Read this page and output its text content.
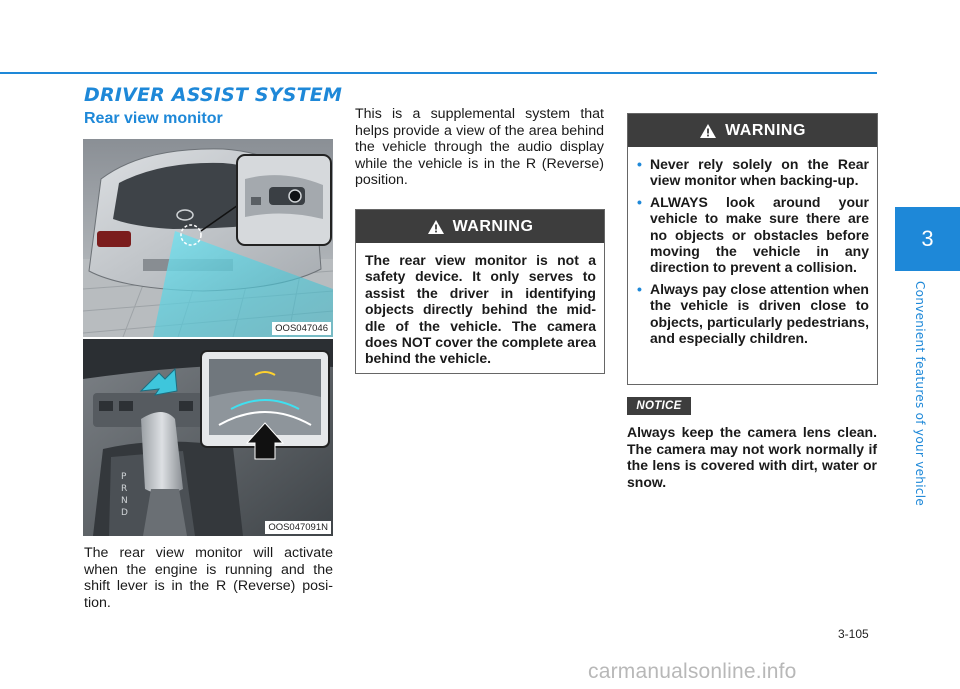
DRIVER ASSIST SYSTEM
Rear view monitor
OOS047046
P
R
N
D
OOS047091N

The rear view monitor will activate when the engine is running and the shift lever is in the R (Reverse) posi-tion.

This is a supplemental system that helps provide a view of the area behind the vehicle through the audio display while the vehicle is in the R (Reverse) position.

WARNING
The rear view monitor is not a safety device. It only serves to assist the driver in identifying objects directly behind the mid-dle of the vehicle. The camera does NOT cover the complete area behind the vehicle.
WARNING
• Never rely solely on the Rear view monitor when backing-up.
• ALWAYS look around your vehicle to make sure there are no objects or obstacles before moving the vehicle in any direction to prevent a collision.
• Always pay close attention when the vehicle is driven close to objects, particularly pedestrians, and especially children.
NOTICE

Always keep the camera lens clean. The camera may not work normally if the lens is covered with dirt, water or snow.

3
Convenient features of your vehicle
3-105
carmanualsonline.info
